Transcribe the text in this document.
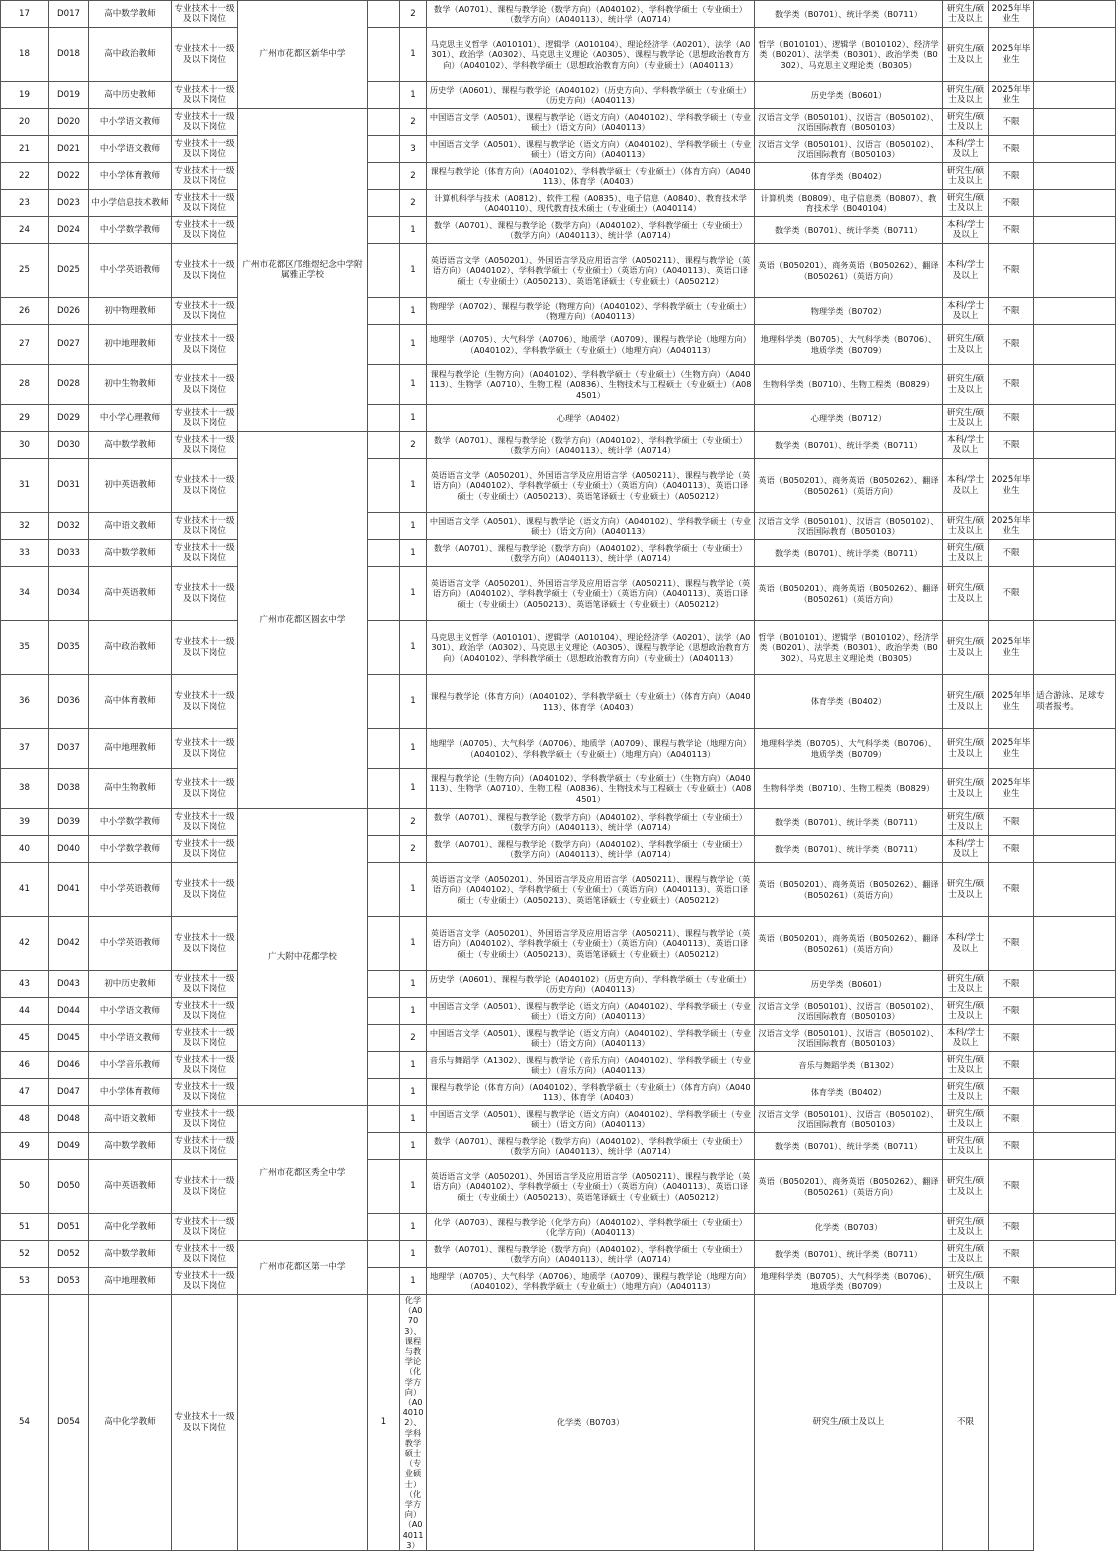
17	D017	高中数学教师	专业技术十一级及以下岗位	广州市花都区新华中学		2	数学（A0701）、课程与教学论（数学方向）（A040102）、学科教学硕士（专业硕士）（数学方向）（A040113）、统计学（A0714）	数学类（B0701）、统计学类（B0711）	研究生/硕士及以上	2025年毕业生	
18	D018	高中政治教师	专业技术十一级及以下岗位			1	马克思主义哲学（A010101）、逻辑学（A010104）、理论经济学（A0201）、法学（A0301）、政治学（A0302）、马克思主义理论（A0305）、课程与教学论（思想政治教育方向）（A040102）、学科教学硕士（思想政治教育方向）（专业硕士）（A040113）	哲学（B010101）、逻辑学（B010102）、经济学类（B0201）、法学类（B0301）、政治学类（B0302）、马克思主义理论类（B0305）	研究生/硕士及以上	2025年毕业生	
19	D019	高中历史教师	专业技术十一级及以下岗位			1	历史学（A0601）、课程与教学论（A040102）（历史方向）、学科教学硕士（专业硕士）（历史方向）（A040113）	历史学类（B0601）	研究生/硕士及以上	2025年毕业生	
20	D020	中小学语文教师	专业技术十一级及以下岗位	广州市花都区邝维煜纪念中学附属雅正学校		2	中国语言文学（A0501）、课程与教学论（语文方向）（A040102）、学科教学硕士（专业硕士）（语文方向）（A040113）	汉语言文学（B050101）、汉语言（B050102）、汉语国际教育（B050103）	研究生/硕士及以上	不限	
21	D021	中小学语文教师	专业技术十一级及以下岗位			3	中国语言文学（A0501）、课程与教学论（语文方向）（A040102）、学科教学硕士（专业硕士）（语文方向）（A040113）	汉语言文学（B050101）、汉语言（B050102）、汉语国际教育（B050103）	本科/学士及以上	不限	
22	D022	中小学体育教师	专业技术十一级及以下岗位			2	课程与教学论（体育方向）（A040102）、学科教学硕士（专业硕士）（体育方向）（A040113）、体育学（A0403）	体育学类（B0402）	研究生/硕士及以上	不限	
23	D023	中小学信息技术教师	专业技术十一级及以下岗位			2	计算机科学与技术（A0812）、软件工程（A0835）、电子信息（A0840）、教育技术学（A040110）、现代教育技术硕士（专业硕士）（A040114）	计算机类（B0809）、电子信息类（B0807）、教育技术学（B040104）	研究生/硕士及以上	不限	
24	D024	中小学数学教师	专业技术十一级及以下岗位			1	数学（A0701）、课程与教学论（数学方向）（A040102）、学科教学硕士（专业硕士）（数学方向）（A040113）、统计学（A0714）	数学类（B0701）、统计学类（B0711）	本科/学士及以上	不限	
25	D025	中小学英语教师	专业技术十一级及以下岗位			1	英语语言文学（A050201）、外国语言学及应用语言学（A050211）、课程与教学论（英语方向）（A040102）、学科教学硕士（专业硕士）（英语方向）（A040113）、英语口译硕士（专业硕士）（A050213）、英语笔译硕士（专业硕士）（A050212）	英语（B050201）、商务英语（B050262）、翻译（B050261）（英语方向）	本科/学士及以上	不限	
26	D026	初中物理教师	专业技术十一级及以下岗位			1	物理学（A0702）、课程与教学论（物理方向）（A040102）、学科教学硕士（专业硕士）（物理方向）（A040113）	物理学类（B0702）	本科/学士及以上	不限	
27	D027	初中地理教师	专业技术十一级及以下岗位			1	地理学（A0705）、大气科学（A0706）、地质学（A0709）、课程与教学论（地理方向）（A040102）、学科教学硕士（专业硕士）（地理方向）（A040113）	地理科学类（B0705）、大气科学类（B0706）、地质学类（B0709）	研究生/硕士及以上	不限	
28	D028	初中生物教师	专业技术十一级及以下岗位			1	课程与教学论（生物方向）（A040102）、学科教学硕士（专业硕士）（生物方向）（A040113）、生物学（A0710）、生物工程（A0836）、生物技术与工程硕士（专业硕士）（A084501）	生物科学类（B0710）、生物工程类（B0829）	研究生/硕士及以上	不限	
29	D029	中小学心理教师	专业技术十一级及以下岗位			1	心理学（A0402）	心理学类（B0712）	研究生/硕士及以上	不限	
30	D030	高中数学教师	专业技术十一级及以下岗位	广州市花都区圆玄中学		2	数学（A0701）、课程与教学论（数学方向）（A040102）、学科教学硕士（专业硕士）（数学方向）（A040113）、统计学（A0714）	数学类（B0701）、统计学类（B0711）	本科/学士及以上	不限	
31	D031	初中英语教师	专业技术十一级及以下岗位			1	英语语言文学（A050201）、外国语言学及应用语言学（A050211）、课程与教学论（英语方向）（A040102）、学科教学硕士（专业硕士）（英语方向）（A040113）、英语口译硕士（专业硕士）（A050213）、英语笔译硕士（专业硕士）（A050212）	英语（B050201）、商务英语（B050262）、翻译（B050261）（英语方向）	本科/学士及以上	2025年毕业生	
32	D032	高中语文教师	专业技术十一级及以下岗位			1	中国语言文学（A0501）、课程与教学论（语文方向）（A040102）、学科教学硕士（专业硕士）（语文方向）（A040113）	汉语言文学（B050101）、汉语言（B050102）、汉语国际教育（B050103）	研究生/硕士及以上	2025年毕业生	
33	D033	高中数学教师	专业技术十一级及以下岗位			1	数学（A0701）、课程与教学论（数学方向）（A040102）、学科教学硕士（专业硕士）（数学方向）（A040113）、统计学（A0714）	数学类（B0701）、统计学类（B0711）	研究生/硕士及以上	不限	
34	D034	高中英语教师	专业技术十一级及以下岗位			1	英语语言文学（A050201）、外国语言学及应用语言学（A050211）、课程与教学论（英语方向）（A040102）、学科教学硕士（专业硕士）（英语方向）（A040113）、英语口译硕士（专业硕士）（A050213）、英语笔译硕士（专业硕士）（A050212）	英语（B050201）、商务英语（B050262）、翻译（B050261）（英语方向）	研究生/硕士及以上	不限	
35	D035	高中政治教师	专业技术十一级及以下岗位			1	马克思主义哲学（A010101）、逻辑学（A010104）、理论经济学（A0201）、法学（A0301）、政治学（A0302）、马克思主义理论（A0305）、课程与教学论（思想政治教育方向）（A040102）、学科教学硕士（思想政治教育方向）（专业硕士）（A040113）	哲学（B010101）、逻辑学（B010102）、经济学类（B0201）、法学类（B0301）、政治学类（B0302）、马克思主义理论类（B0305）	研究生/硕士及以上	2025年毕业生	
36	D036	高中体育教师	专业技术十一级及以下岗位			1	课程与教学论（体育方向）（A040102）、学科教学硕士（专业硕士）（体育方向）（A040113）、体育学（A0403）	体育学类（B0402）	研究生/硕士及以上	2025年毕业生	适合游泳、足球专项者报考。
37	D037	高中地理教师	专业技术十一级及以下岗位			1	地理学（A0705）、大气科学（A0706）、地质学（A0709）、课程与教学论（地理方向）（A040102）、学科教学硕士（专业硕士）（地理方向）（A040113）	地理科学类（B0705）、大气科学类（B0706）、地质学类（B0709）	研究生/硕士及以上	2025年毕业生	
38	D038	高中生物教师	专业技术十一级及以下岗位			1	课程与教学论（生物方向）（A040102）、学科教学硕士（专业硕士）（生物方向）（A040113）、生物学（A0710）、生物工程（A0836）、生物技术与工程硕士（专业硕士）（A084501）	生物科学类（B0710）、生物工程类（B0829）	研究生/硕士及以上	2025年毕业生	
39	D039	中小学数学教师	专业技术十一级及以下岗位	广大附中花都学校		2	数学（A0701）、课程与教学论（数学方向）（A040102）、学科教学硕士（专业硕士）（数学方向）（A040113）、统计学（A0714）	数学类（B0701）、统计学类（B0711）	研究生/硕士及以上	不限	
40	D040	中小学数学教师	专业技术十一级及以下岗位			2	数学（A0701）、课程与教学论（数学方向）（A040102）、学科教学硕士（专业硕士）（数学方向）（A040113）、统计学（A0714）	数学类（B0701）、统计学类（B0711）	本科/学士及以上	不限	
41	D041	中小学英语教师	专业技术十一级及以下岗位			1	英语语言文学（A050201）、外国语言学及应用语言学（A050211）、课程与教学论（英语方向）（A040102）、学科教学硕士（专业硕士）（英语方向）（A040113）、英语口译硕士（专业硕士）（A050213）、英语笔译硕士（专业硕士）（A050212）	英语（B050201）、商务英语（B050262）、翻译（B050261）（英语方向）	研究生/硕士及以上	不限	
42	D042	中小学英语教师	专业技术十一级及以下岗位			1	英语语言文学（A050201）、外国语言学及应用语言学（A050211）、课程与教学论（英语方向）（A040102）、学科教学硕士（专业硕士）（英语方向）（A040113）、英语口译硕士（专业硕士）（A050213）、英语笔译硕士（专业硕士）（A050212）	英语（B050201）、商务英语（B050262）、翻译（B050261）（英语方向）	本科/学士及以上	不限	
43	D043	初中历史教师	专业技术十一级及以下岗位			1	历史学（A0601）、课程与教学论（A040102）（历史方向）、学科教学硕士（专业硕士）（历史方向）（A040113）	历史学类（B0601）	研究生/硕士及以上	不限	
44	D044	中小学语文教师	专业技术十一级及以下岗位			1	中国语言文学（A0501）、课程与教学论（语文方向）（A040102）、学科教学硕士（专业硕士）（语文方向）（A040113）	汉语言文学（B050101）、汉语言（B050102）、汉语国际教育（B050103）	研究生/硕士及以上	不限	
45	D045	中小学语文教师	专业技术十一级及以下岗位			2	中国语言文学（A0501）、课程与教学论（语文方向）（A040102）、学科教学硕士（专业硕士）（语文方向）（A040113）	汉语言文学（B050101）、汉语言（B050102）、汉语国际教育（B050103）	本科/学士及以上	不限	
46	D046	中小学音乐教师	专业技术十一级及以下岗位			1	音乐与舞蹈学（A1302）、课程与教学论（音乐方向）（A040102）、学科教学硕士（专业硕士）（音乐方向）（A040113）	音乐与舞蹈学类（B1302）	研究生/硕士及以上	不限	
47	D047	中小学体育教师	专业技术十一级及以下岗位			1	课程与教学论（体育方向）（A040102）、学科教学硕士（专业硕士）（体育方向）（A040113）、体育学（A0403）	体育学类（B0402）	研究生/硕士及以上	不限	
48	D048	高中语文教师	专业技术十一级及以下岗位	广州市花都区秀全中学		1	中国语言文学（A0501）、课程与教学论（语文方向）（A040102）、学科教学硕士（专业硕士）（语文方向）（A040113）	汉语言文学（B050101）、汉语言（B050102）、汉语国际教育（B050103）	研究生/硕士及以上	不限	
49	D049	高中数学教师	专业技术十一级及以下岗位			1	数学（A0701）、课程与教学论（数学方向）（A040102）、学科教学硕士（专业硕士）（数学方向）（A040113）、统计学（A0714）	数学类（B0701）、统计学类（B0711）	研究生/硕士及以上	不限	
50	D050	高中英语教师	专业技术十一级及以下岗位			1	英语语言文学（A050201）、外国语言学及应用语言学（A050211）、课程与教学论（英语方向）（A040102）、学科教学硕士（专业硕士）（英语方向）（A040113）、英语口译硕士（专业硕士）（A050213）、英语笔译硕士（专业硕士）（A050212）	英语（B050201）、商务英语（B050262）、翻译（B050261）（英语方向）	研究生/硕士及以上	不限	
51	D051	高中化学教师	专业技术十一级及以下岗位			1	化学（A0703）、课程与教学论（化学方向）（A040102）、学科教学硕士（专业硕士）（化学方向）（A040113）	化学类（B0703）	研究生/硕士及以上	不限	
52	D052	高中数学教师	专业技术十一级及以下岗位	广州市花都区第一中学		1	数学（A0701）、课程与教学论（数学方向）（A040102）、学科教学硕士（专业硕士）（数学方向）（A040113）、统计学（A0714）	数学类（B0701）、统计学类（B0711）	研究生/硕士及以上	不限	
53	D053	高中地理教师	专业技术十一级及以下岗位			1	地理学（A0705）、大气科学（A0706）、地质学（A0709）、课程与教学论（地理方向）（A040102）、学科教学硕士（专业硕士）（地理方向）（A040113）	地理科学类（B0705）、大气科学类（B0706）、地质学类（B0709）	研究生/硕士及以上	不限	
54	D054	高中化学教师	专业技术十一级及以下岗位		1	化学（A0703）、课程与教学论（化学方向）（A040102）、学科教学硕士（专业硕士）（化学方向）（A040113）	化学类（B0703）	研究生/硕士及以上	不限		
